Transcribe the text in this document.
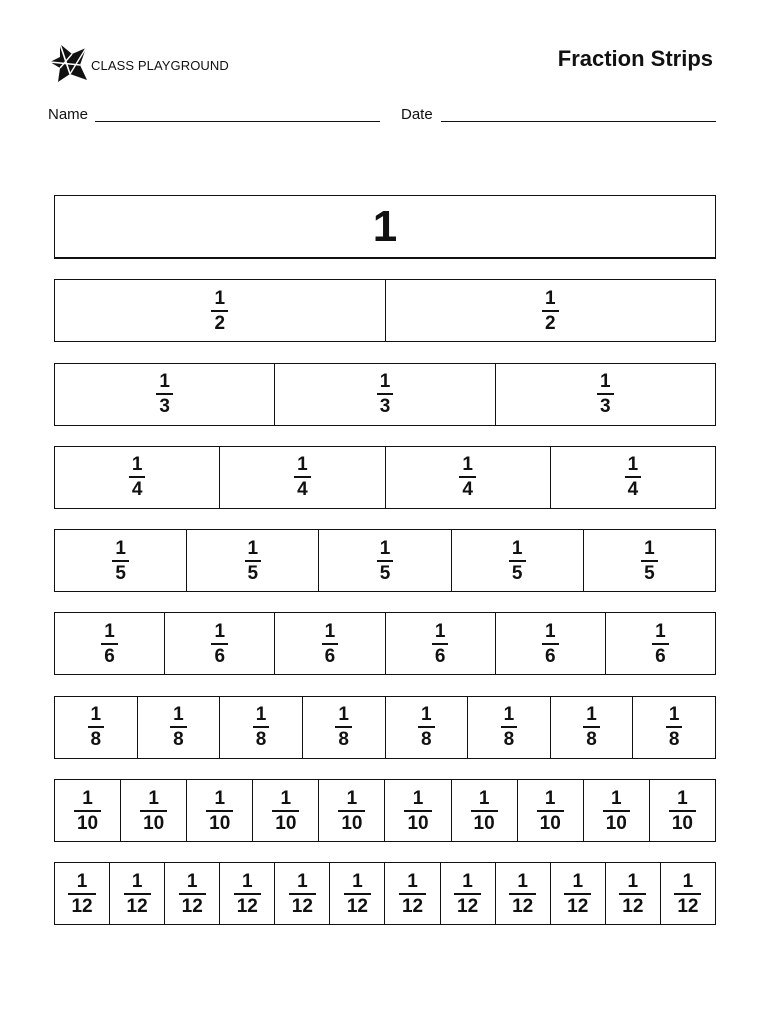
CLASS PLAYGROUND	Fraction Strips
Name	Date
1
$\frac{1}{2}$	$\frac{1}{2}$
$\frac{1}{3}$	$\frac{1}{3}$	$\frac{1}{3}$
$\frac{1}{4}$	$\frac{1}{4}$	$\frac{1}{4}$	$\frac{1}{4}$
$\frac{1}{5}$	$\frac{1}{5}$	$\frac{1}{5}$	$\frac{1}{5}$	$\frac{1}{5}$
$\frac{1}{6}$	$\frac{1}{6}$	$\frac{1}{6}$	$\frac{1}{6}$	$\frac{1}{6}$	$\frac{1}{6}$
$\frac{1}{8}$	$\frac{1}{8}$	$\frac{1}{8}$	$\frac{1}{8}$	$\frac{1}{8}$	$\frac{1}{8}$	$\frac{1}{8}$	$\frac{1}{8}$
$\frac{1}{10} \frac{1}{10} \frac{1}{10} \frac{1}{10} \frac{1}{10} \frac{1}{10} \frac{1}{10} \frac{1}{10} \frac{1}{10} \frac{1}{10}$
$\frac{1}{12} \frac{1}{12} \frac{1}{12} \frac{1}{12} \frac{1}{12} \frac{1}{12} \frac{1}{12} \frac{1}{12} \frac{1}{12} \frac{1}{12} \frac{1}{12} \frac{1}{12}$
